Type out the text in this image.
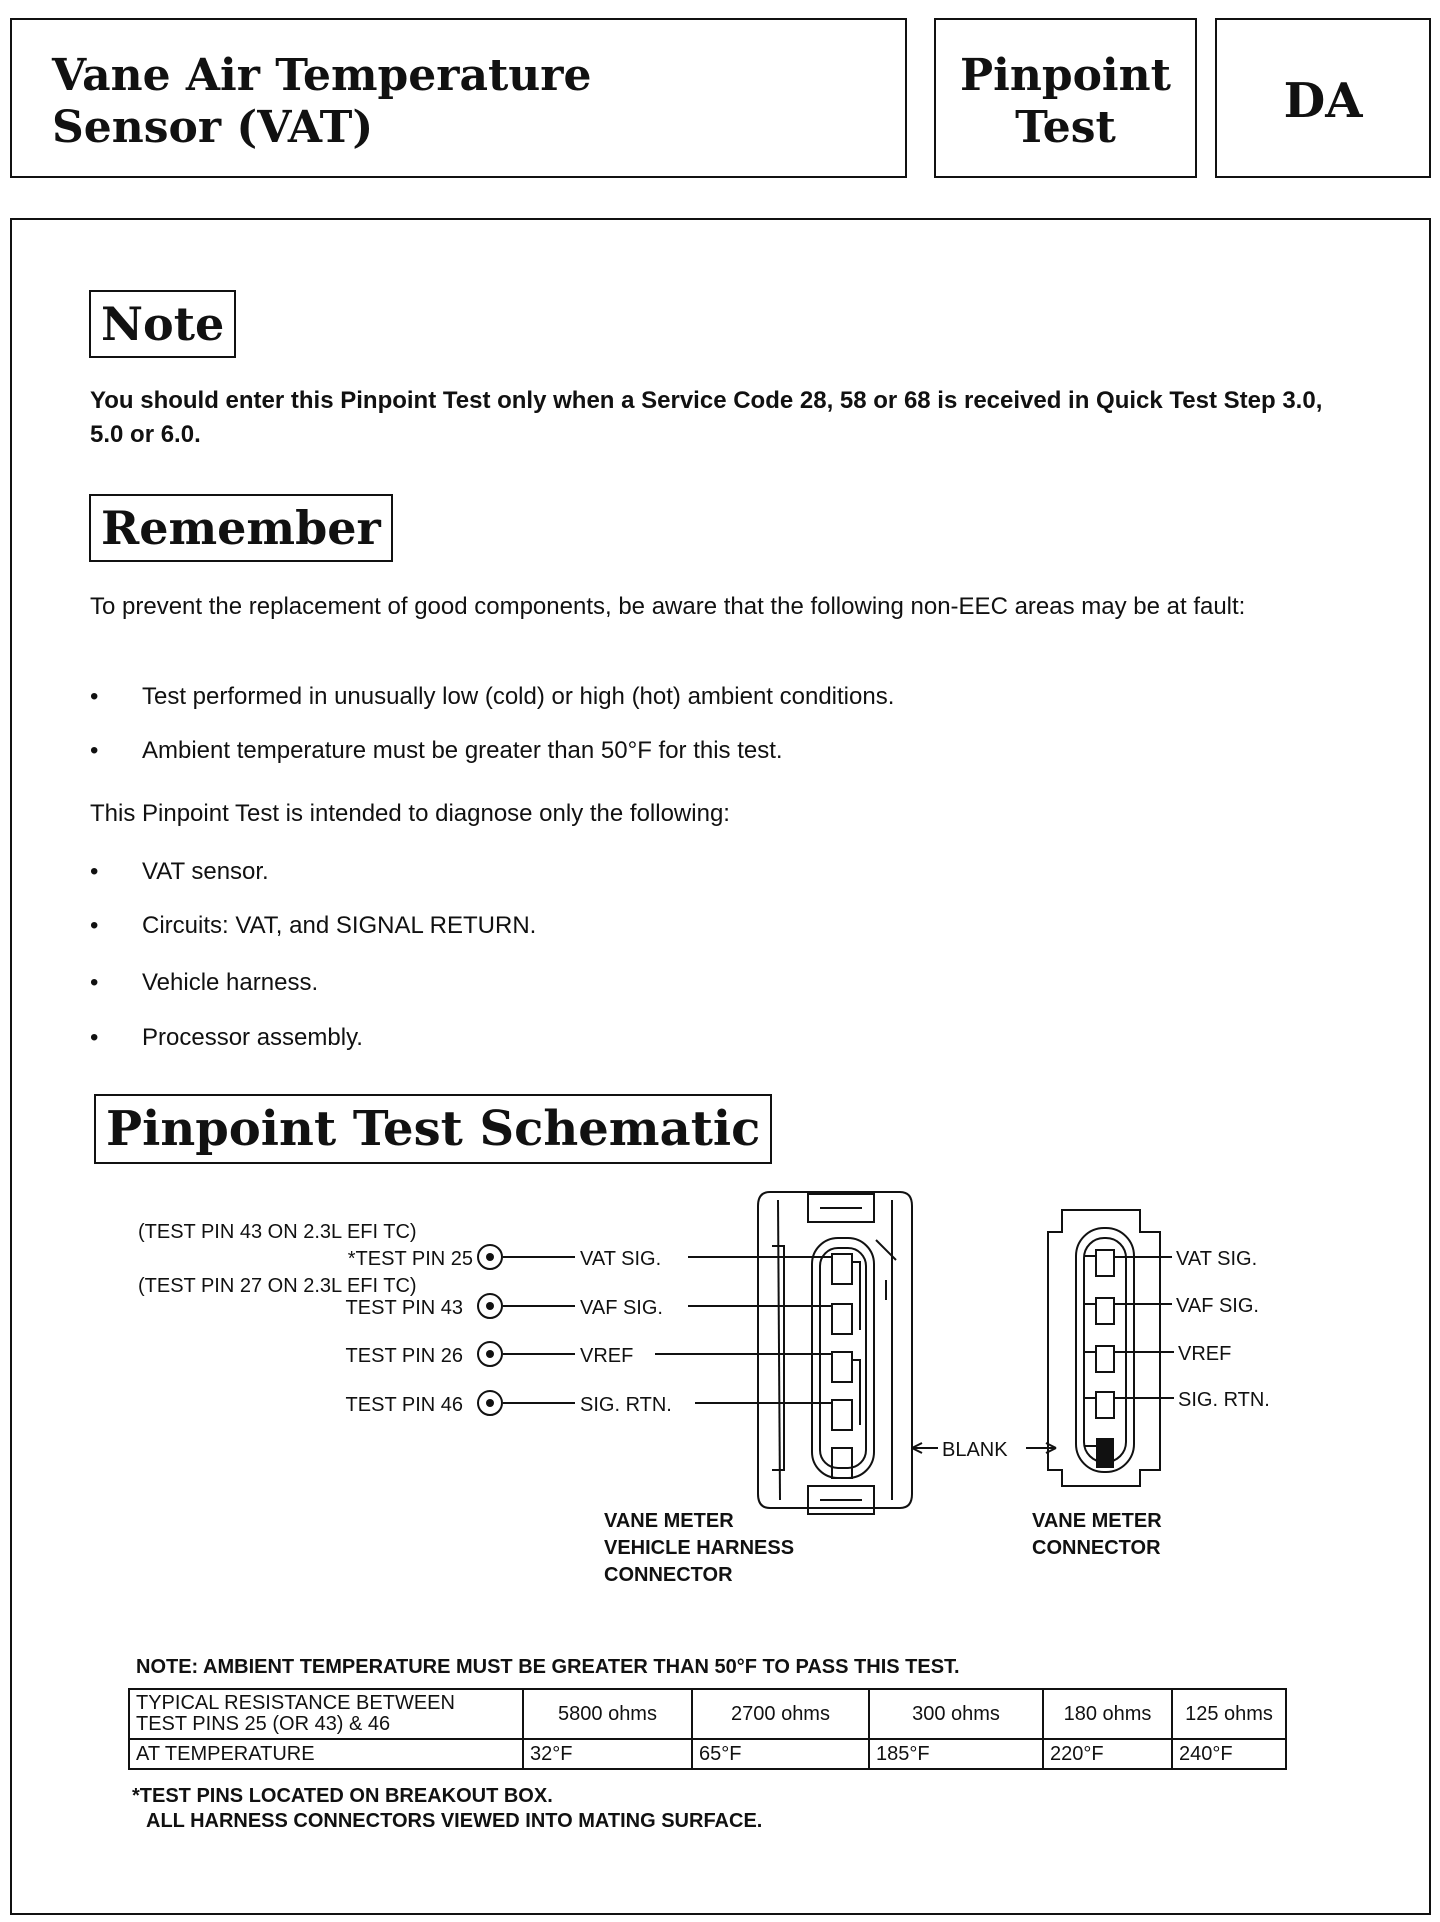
Vane Air Temperature
Sensor (VAT)
Pinpoint
Test	DA
Note
You should enter this Pinpoint Test only when a Service Code 28, 58 or 68 is received in Quick Test Step 3.0, 5.0 or 6.0.
Remember
To prevent the replacement of good components, be aware that the following non-EEC areas may be at fault:
• Test performed in unusually low (cold) or high (hot) ambient conditions.
• Ambient temperature must be greater than 50°F for this test.
This Pinpoint Test is intended to diagnose only the following:
• VAT sensor.
• Circuits: VAT, and SIGNAL RETURN.
• Vehicle harness.
• Processor assembly.
Pinpoint Test Schematic
(TEST PIN 43 ON 2.3L EFI TC)
*TEST PIN 25
(TEST PIN 27 ON 2.3L EFI TC)
TEST PIN 43
TEST PIN 26
TEST PIN 46
VAT SIG.
VAF SIG.
VREF
SIG. RTN.
VAT SIG.
VAF SIG.
VREF
SIG. RTN.
BLANK
VANE METER
VEHICLE HARNESS
CONNECTOR
VANE METER
CONNECTOR
NOTE: AMBIENT TEMPERATURE MUST BE GREATER THAN 50°F TO PASS THIS TEST.
TYPICAL RESISTANCE BETWEEN
TEST PINS 25 (OR 43) & 46	5800 ohms	2700 ohms	300 ohms	180 ohms	125 ohms
AT TEMPERATURE	32°F	65°F	185°F	220°F	240°F
*TEST PINS LOCATED ON BREAKOUT BOX.
ALL HARNESS CONNECTORS VIEWED INTO MATING SURFACE.
